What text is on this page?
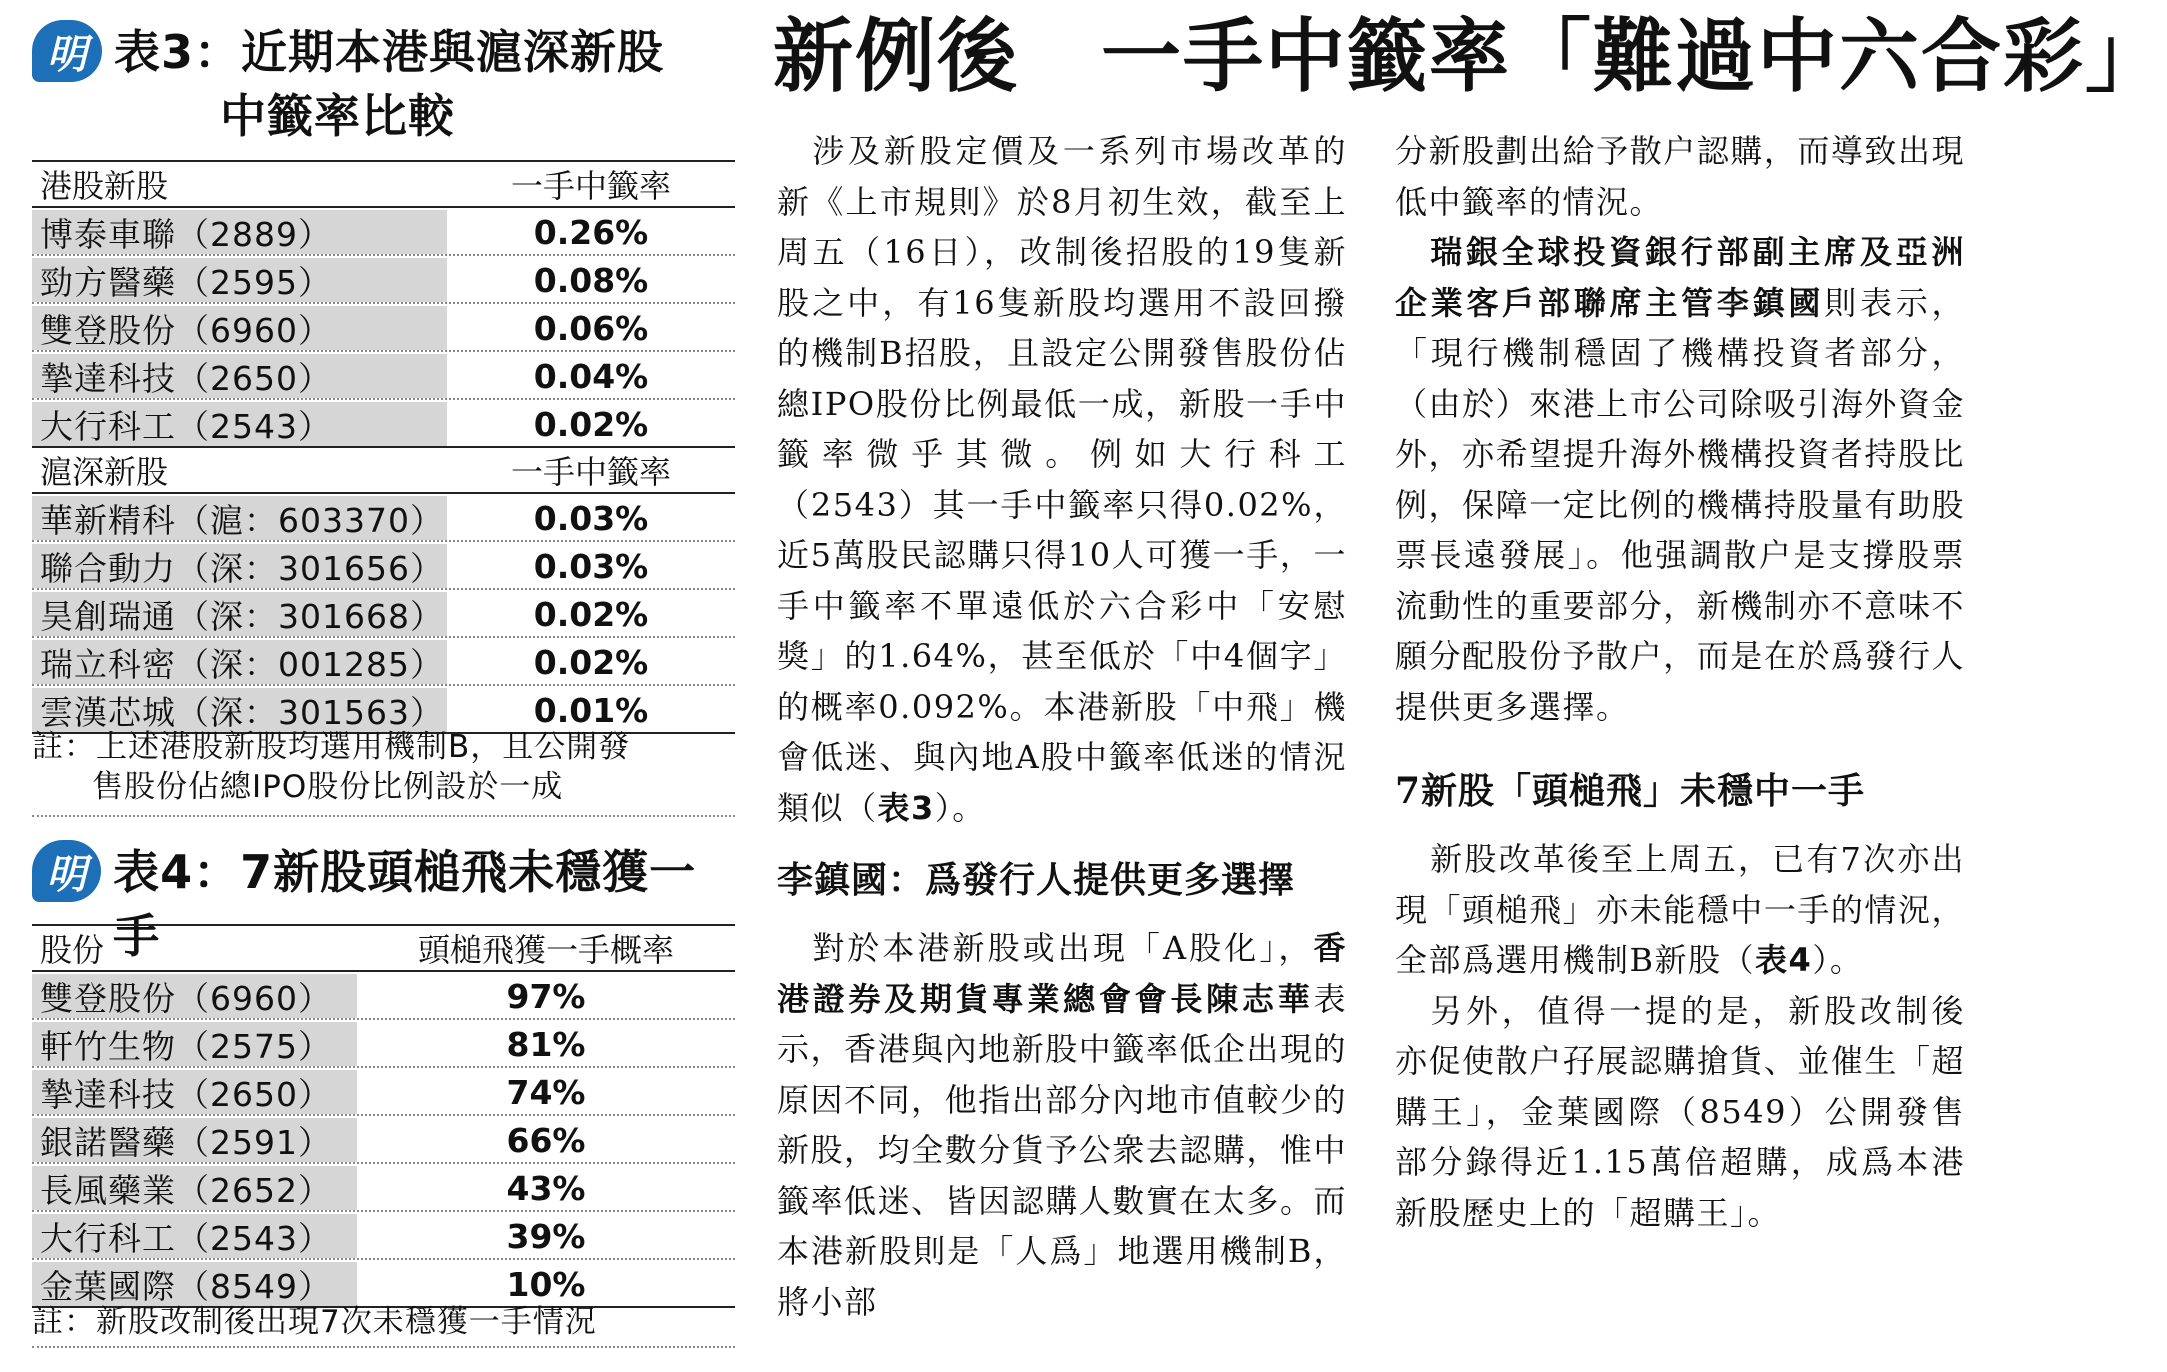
明 表3：近期本港與滬深新股
中籤率比較
港股新股	一手中籤率
博泰車聯（2889）	0.26%
勁方醫藥（2595）	0.08%
雙登股份（6960）	0.06%
摯達科技（2650）	0.04%
大行科工（2543）	0.02%
滬深新股	一手中籤率
華新精科（滬：603370）	0.03%
聯合動力（深：301656）	0.03%
昊創瑞通（深：301668）	0.02%
瑞立科密（深：001285）	0.02%
雲漢芯城（深：301563）	0.01%
註：上述港股新股均選用機制B，且公開發
售股份佔總IPO股份比例設於一成
明 表4：7新股頭槌飛未穩獲一手
股份	頭槌飛獲一手概率
雙登股份（6960）	97%
軒竹生物（2575）	81%
摯達科技（2650）	74%
銀諾醫藥（2591）	66%
長風藥業（2652）	43%
大行科工（2543）	39%
金葉國際（8549）	10%
註：新股改制後出現7次未穩獲一手情況
新例後　一手中籤率「難過中六合彩」

涉及新股定價及一系列市場改革的新《上市規則》於8月初生效，截至上周五（16日），改制後招股的19隻新股之中，有16隻新股均選用不設回撥的機制B招股，且設定公開發售股份佔總IPO股份比例最低一成，新股一手中籤率微乎其微。例如大行科工（2543）其一手中籤率只得0.02%，近5萬股民認購只得10人可獲一手，一手中籤率不單遠低於六合彩中「安慰獎」的1.64%，甚至低於「中4個字」的概率0.092%。本港新股「中飛」機會低迷、與內地A股中籤率低迷的情況類似（表3）。

李鎮國：爲發行人提供更多選擇

對於本港新股或出現「A股化」，香港證券及期貨專業總會會長陳志華表示，香港與內地新股中籤率低企出現的原因不同，他指出部分內地市值較少的新股，均全數分貨予公衆去認購，惟中籤率低迷、皆因認購人數實在太多。而本港新股則是「人爲」地選用機制B，將小部

分新股劃出給予散户認購，而導致出現低中籤率的情況。

瑞銀全球投資銀行部副主席及亞洲企業客戶部聯席主管李鎮國則表示，「現行機制穩固了機構投資者部分，（由於）來港上市公司除吸引海外資金外，亦希望提升海外機構投資者持股比例，保障一定比例的機構持股量有助股票長遠發展」。他强調散户是支撐股票流動性的重要部分，新機制亦不意味不願分配股份予散户，而是在於爲發行人提供更多選擇。

7新股「頭槌飛」未穩中一手

新股改革後至上周五，已有7次亦出現「頭槌飛」亦未能穩中一手的情況，全部爲選用機制B新股（表4）。

另外，值得一提的是，新股改制後亦促使散户孖展認購搶貨、並催生「超購王」，金葉國際（8549）公開發售部分錄得近1.15萬倍超購，成爲本港新股歷史上的「超購王」。
